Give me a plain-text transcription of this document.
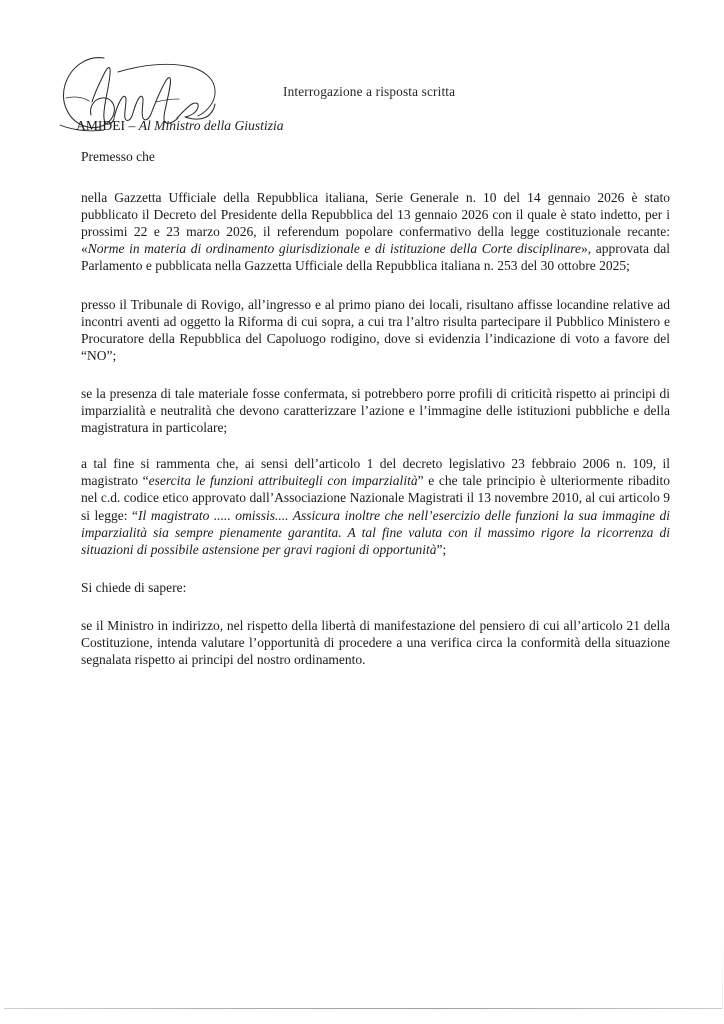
Interrogazione a risposta scritta
AMIDEI – Al Ministro della Giustizia

Premesso che

nella Gazzetta Ufficiale della Repubblica italiana, Serie Generale n. 10 del 14 gennaio 2026 è stato pubblicato il Decreto del Presidente della Repubblica del 13 gennaio 2026 con il quale è stato indetto, per i prossimi 22 e 23 marzo 2026, il referendum popolare confermativo della legge costituzionale recante: «Norme in materia di ordinamento giurisdizionale e di istituzione della Corte disciplinare», approvata dal Parlamento e pubblicata nella Gazzetta Ufficiale della Repubblica italiana n. 253 del 30 ottobre 2025;

presso il Tribunale di Rovigo, all’ingresso e al primo piano dei locali, risultano affisse locandine relative ad incontri aventi ad oggetto la Riforma di cui sopra, a cui tra l’altro risulta partecipare il Pubblico Ministero e Procuratore della Repubblica del Capoluogo rodigino, dove si evidenzia l’indicazione di voto a favore del “NO”;

se la presenza di tale materiale fosse confermata, si potrebbero porre profili di criticità rispetto ai principi di imparzialità e neutralità che devono caratterizzare l’azione e l’immagine delle istituzioni pubbliche e della magistratura in particolare;

a tal fine si rammenta che, ai sensi dell’articolo 1 del decreto legislativo 23 febbraio 2006 n. 109, il magistrato “esercita le funzioni attribuitegli con imparzialità” e che tale principio è ulteriormente ribadito nel c.d. codice etico approvato dall’Associazione Nazionale Magistrati il 13 novembre 2010, al cui articolo 9 si legge: “Il magistrato ..... omissis.... Assicura inoltre che nell’esercizio delle funzioni la sua immagine di imparzialità sia sempre pienamente garantita. A tal fine valuta con il massimo rigore la ricorrenza di situazioni di possibile astensione per gravi ragioni di opportunità”;

Si chiede di sapere:

se il Ministro in indirizzo, nel rispetto della libertà di manifestazione del pensiero di cui all’articolo 21 della Costituzione, intenda valutare l’opportunità di procedere a una verifica circa la conformità della situazione segnalata rispetto ai principi del nostro ordinamento.
